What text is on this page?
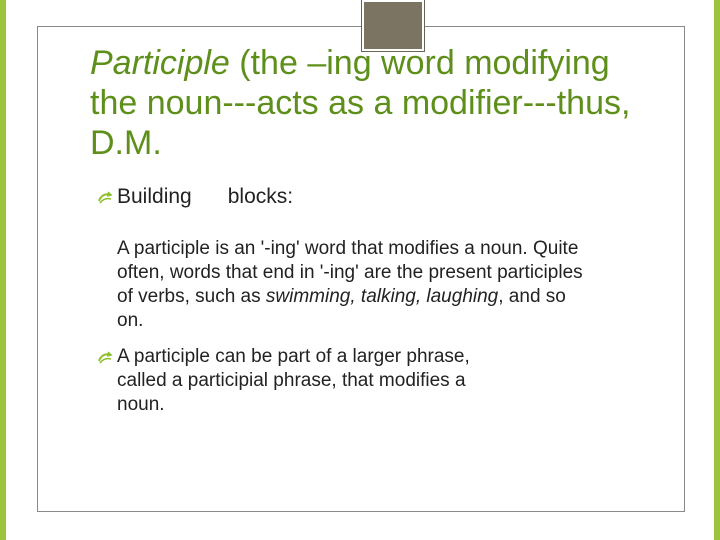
Participle (the –ing word modifying the noun---acts as a modifier---thus, D.M.
Building blocks:
A participle is an '-ing' word that modifies a noun. Quite often, words that end in '-ing' are the present participles of verbs, such as swimming, talking, laughing, and so on.
A participle can be part of a larger phrase,
called a participial phrase, that modifies a
noun.
